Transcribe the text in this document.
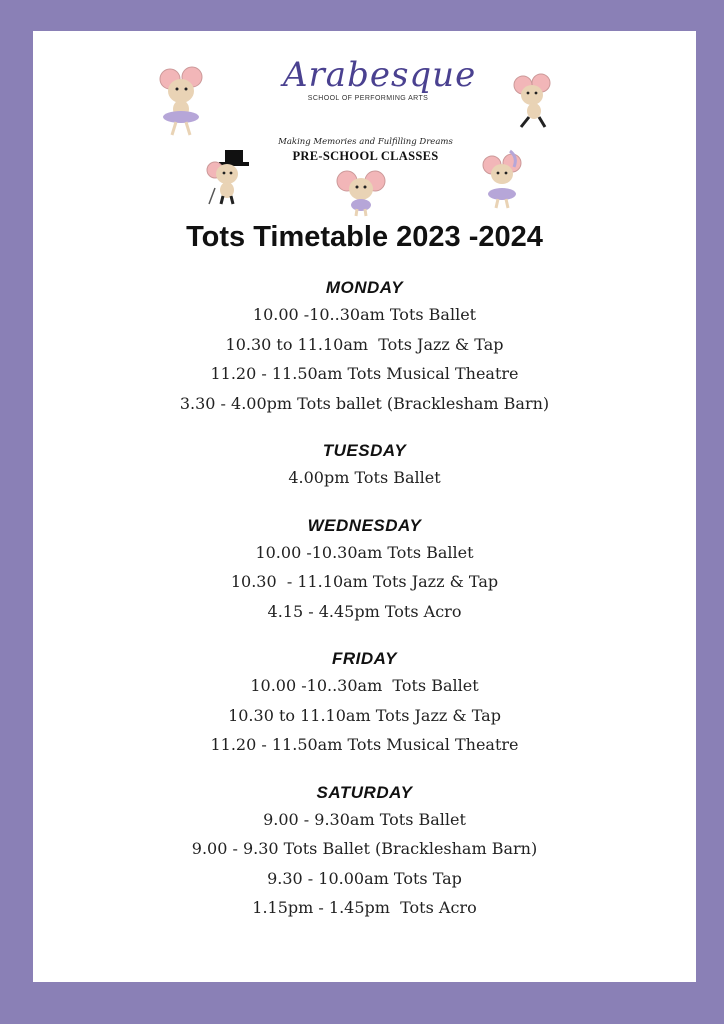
Arabesque
SCHOOL OF PERFORMING ARTS
Making Memories and Fulfilling Dreams
PRE-SCHOOL CLASSES
Tots Timetable 2023 -2024
MONDAY
10.00 -10..30am Tots Ballet
10.30 to 11.10am  Tots Jazz & Tap
11.20 - 11.50am Tots Musical Theatre
3.30 - 4.00pm Tots ballet (Bracklesham Barn)
TUESDAY
4.00pm Tots Ballet
WEDNESDAY
10.00 -10.30am Tots Ballet
10.30  - 11.10am Tots Jazz & Tap
4.15 - 4.45pm Tots Acro
FRIDAY
10.00 -10..30am  Tots Ballet
10.30 to 11.10am Tots Jazz & Tap
11.20 - 11.50am Tots Musical Theatre
SATURDAY
9.00 - 9.30am Tots Ballet
9.00 - 9.30 Tots Ballet (Bracklesham Barn)
9.30 - 10.00am Tots Tap
1.15pm - 1.45pm  Tots Acro
